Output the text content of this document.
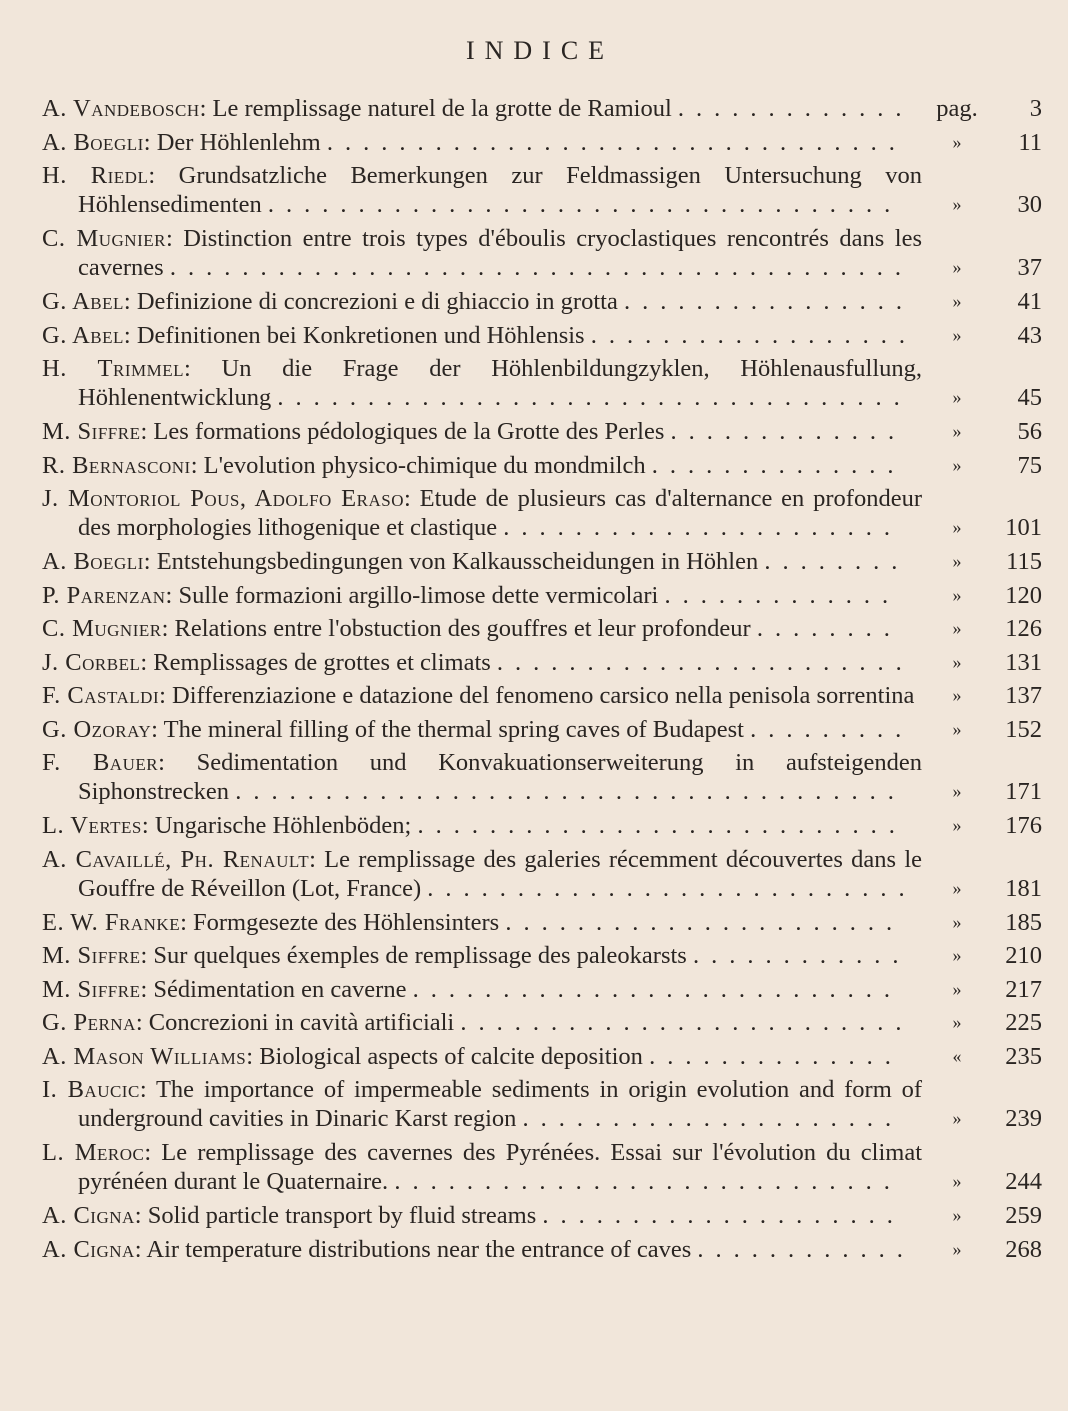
INDICE
A. Vandebosch: Le remplissage naturel de la grotte de Ramioul ............. pag.	3
A. Boegli: Der Höhlenlehm ................................	»	11
H. Riedl: Grundsatzliche Bemerkungen zur Feldmassigen Untersuchung von Höhlensedimenten ...................................	»	30
C. Mugnier: Distinction entre trois types d'éboulis cryoclastiques rencontrés dans les cavernes .........................................	»	37
G. Abel: Definizione di concrezioni e di ghiaccio in grotta ................	»	41
G. Abel: Definitionen bei Konkretionen und Höhlensis ..................	»	43
H. Trimmel: Un die Frage der Höhlenbildungzyklen, Höhlenausfullung, Höhlenentwicklung ...................................	»	45
M. Siffre: Les formations pédologiques de la Grotte des Perles .............	»	56
R. Bernasconi: L'evolution physico-chimique du mondmilch ..............	»	75
J. Montoriol Pous, Adolfo Eraso: Etude de plusieurs cas d'alternance en profondeur des morphologies lithogenique et clastique ......................	»	101
A. Boegli: Entstehungsbedingungen von Kalkausscheidungen in Höhlen ........	»	115
P. Parenzan: Sulle formazioni argillo-limose dette vermicolari .............	»	120
C. Mugnier: Relations entre l'obstuction des gouffres et leur profondeur ........	»	126
J. Corbel: Remplissages de grottes et climats .......................	»	131
F. Castaldi: Differenziazione e datazione del fenomeno carsico nella penisola sorrentina	»	137
G. Ozoray: The mineral filling of the thermal spring caves of Budapest .........	»	152
F. Bauer: Sedimentation und Konvakuationserweiterung in aufsteigenden Siphonstrecken .....................................	»	171
L. Vertes: Ungarische Höhlenböden; ...........................	»	176
A. Cavaillé, Ph. Renault: Le remplissage des galeries récemment découvertes dans le Gouffre de Réveillon (Lot, France) ...........................	»	181
E. W. Franke: Formgesezte des Höhlensinters ......................	»	185
M. Siffre: Sur quelques éxemples de remplissage des paleokarsts ............	»	210
M. Siffre: Sédimentation en caverne ...........................	»	217
G. Perna: Concrezioni in cavità artificiali .........................	»	225
A. Mason Williams: Biological aspects of calcite deposition ..............	«	235
I. Baucic: The importance of impermeable sediments in origin evolution and form of underground cavities in Dinaric Karst region .....................	»	239
L. Meroc: Le remplissage des cavernes des Pyrénées. Essai sur l'évolution du climat pyrénéen durant le Quaternaire. ............................	»	244
A. Cigna: Solid particle transport by fluid streams ....................	»	259
A. Cigna: Air temperature distributions near the entrance of caves ............	»	268
